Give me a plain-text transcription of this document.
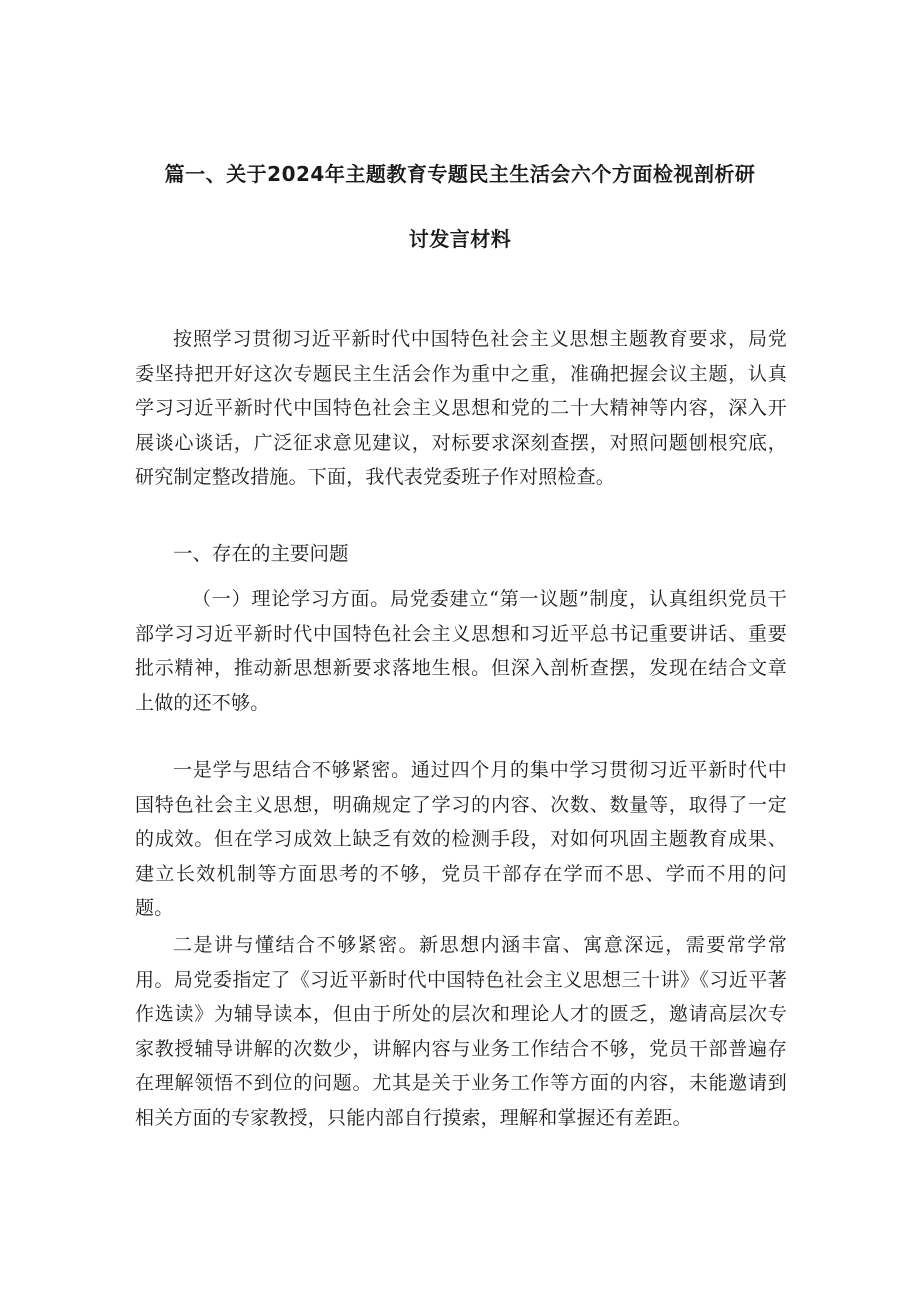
篇一、关于2024年主题教育专题民主生活会六个方面检视剖析研
讨发言材料

按照学习贯彻习近平新时代中国特色社会主义思想主题教育要求，局党委坚持把开好这次专题民主生活会作为重中之重，准确把握会议主题，认真学习习近平新时代中国特色社会主义思想和党的二十大精神等内容，深入开展谈心谈话，广泛征求意见建议，对标要求深刻查摆，对照问题刨根究底，研究制定整改措施。下面，我代表党委班子作对照检查。

一、存在的主要问题

（一）理论学习方面。局党委建立“第一议题”制度，认真组织党员干部学习习近平新时代中国特色社会主义思想和习近平总书记重要讲话、重要批示精神，推动新思想新要求落地生根。但深入剖析查摆，发现在结合文章上做的还不够。

一是学与思结合不够紧密。通过四个月的集中学习贯彻习近平新时代中国特色社会主义思想，明确规定了学习的内容、次数、数量等，取得了一定的成效。但在学习成效上缺乏有效的检测手段，对如何巩固主题教育成果、建立长效机制等方面思考的不够，党员干部存在学而不思、学而不用的问题。

二是讲与懂结合不够紧密。新思想内涵丰富、寓意深远，需要常学常用。局党委指定了《习近平新时代中国特色社会主义思想三十讲》《习近平著作选读》为辅导读本，但由于所处的层次和理论人才的匮乏，邀请高层次专家教授辅导讲解的次数少，讲解内容与业务工作结合不够，党员干部普遍存在理解领悟不到位的问题。尤其是关于业务工作等方面的内容，未能邀请到相关方面的专家教授，只能内部自行摸索，理解和掌握还有差距。
